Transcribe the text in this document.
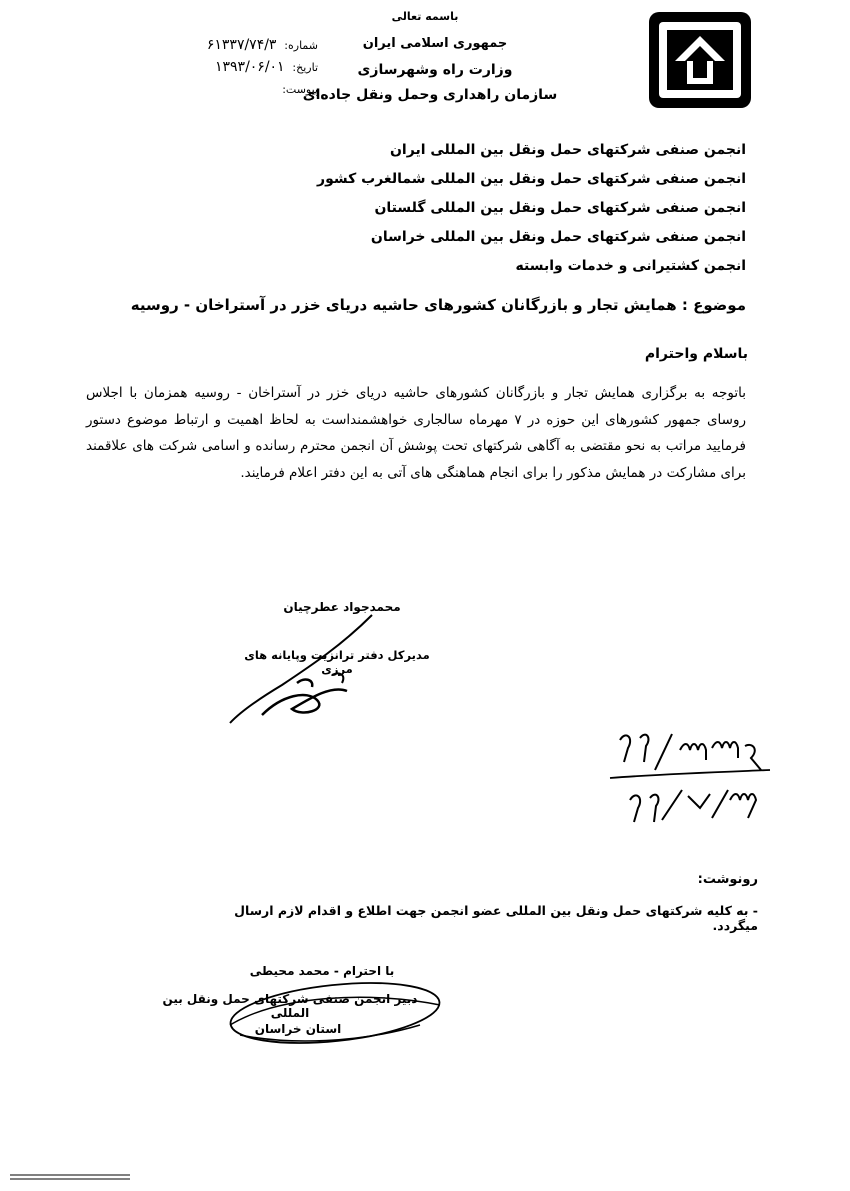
باسمه تعالی
جمهوری اسلامی ایران
وزارت راه وشهرسازی
سازمان راهداری وحمل ونقل جاده‌ای
شماره: ۶۱۳۳۷/۷۴/۳
تاریخ: ۱۳۹۳/۰۶/۰۱
پیوست:
انجمن صنفی شرکتهای حمل ونقل بین المللی ایران
انجمن صنفی شرکتهای حمل ونقل بین المللی شمالغرب کشور
انجمن صنفی شرکتهای حمل ونقل بین المللی گلستان
انجمن صنفی شرکتهای حمل ونقل بین المللی خراسان
انجمن کشتیرانی و خدمات وابسته
موضوع : همایش تجار و بازرگانان کشورهای حاشیه دریای خزر در آستراخان - روسیه
باسلام واحترام
باتوجه به برگزاری همایش تجار و بازرگانان کشورهای حاشیه دریای خزر در آستراخان - روسیه همزمان با اجلاس روسای جمهور کشورهای این حوزه در ۷ مهرماه سالجاری خواهشمنداست به لحاظ اهمیت و ارتباط موضوع دستور فرمایید مراتب به نحو مقتضی به آگاهی شرکتهای تحت پوشش آن انجمن محترم رسانده و اسامی شرکت های علاقمند برای مشارکت در همایش مذکور را برای انجام هماهنگی های آتی به این دفتر اعلام فرمایند.
محمدجواد عطرچیان
مدیرکل دفتر ترانزیت وپایانه های مرزی
رونوشت:
- به کلیه شرکتهای حمل ونقل بین المللی عضو انجمن جهت اطلاع و اقدام لازم ارسال میگردد.
با احترام - محمد محیطی
دبیر انجمن صنفی شرکتهای حمل ونقل بین المللی
استان خراسان
